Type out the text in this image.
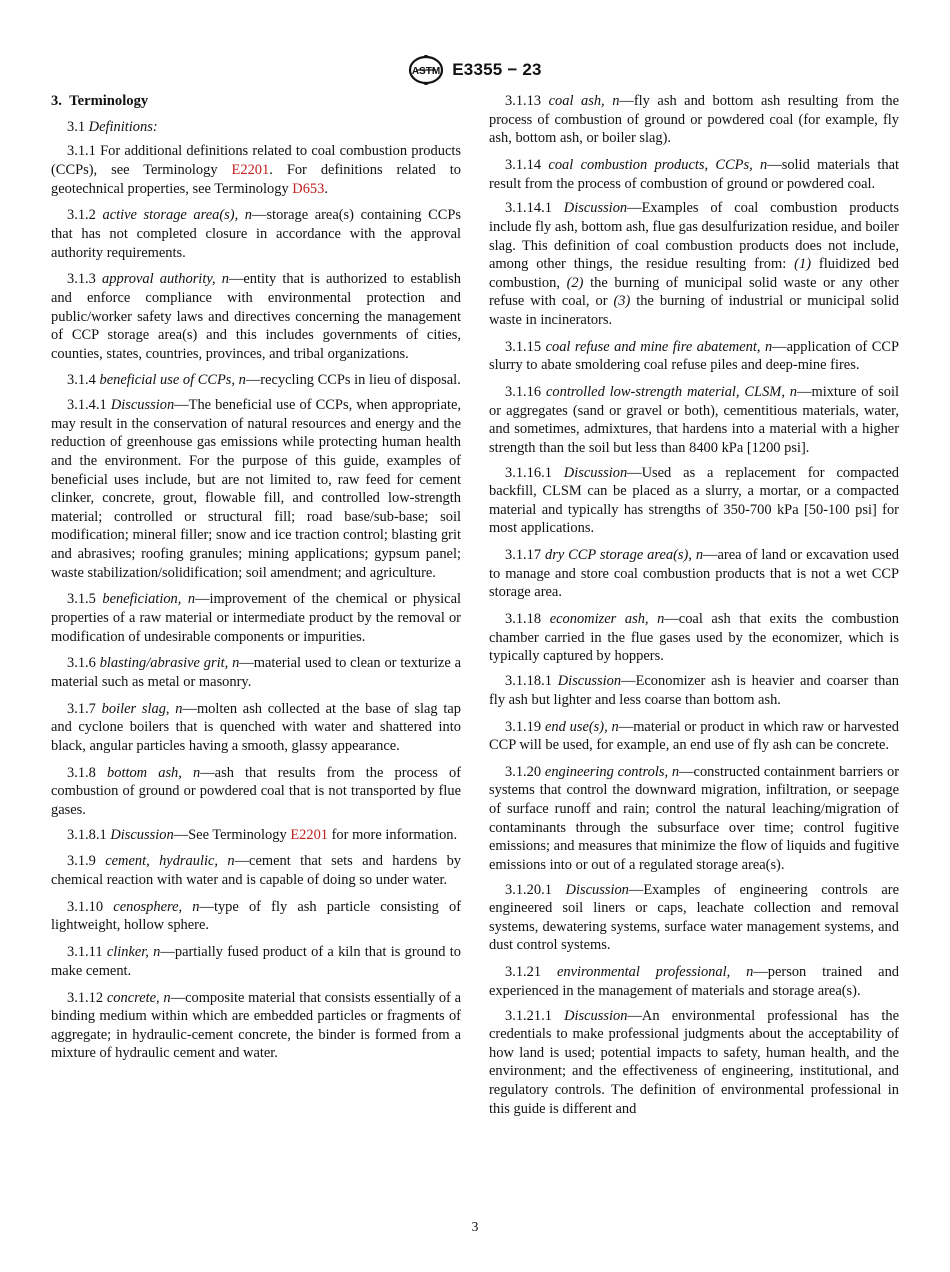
ASTM E3355 − 23
3. Terminology
3.1 Definitions:
3.1.1 For additional definitions related to coal combustion products (CCPs), see Terminology E2201. For definitions related to geotechnical properties, see Terminology D653.
3.1.2 active storage area(s), n—storage area(s) containing CCPs that has not completed closure in accordance with the approval authority requirements.
3.1.3 approval authority, n—entity that is authorized to establish and enforce compliance with environmental protection and public/worker safety laws and directives concerning the management of CCP storage area(s) and this includes governments of cities, counties, states, countries, provinces, and tribal organizations.
3.1.4 beneficial use of CCPs, n—recycling CCPs in lieu of disposal.
3.1.4.1 Discussion—The beneficial use of CCPs, when appropriate, may result in the conservation of natural resources and energy and the reduction of greenhouse gas emissions while protecting human health and the environment. For the purpose of this guide, examples of beneficial uses include, but are not limited to, raw feed for cement clinker, concrete, grout, flowable fill, and controlled low-strength material; controlled or structural fill; road base/sub-base; soil modification; mineral filler; snow and ice traction control; blasting grit and abrasives; roofing granules; mining applications; gypsum panel; waste stabilization/solidification; soil amendment; and agriculture.
3.1.5 beneficiation, n—improvement of the chemical or physical properties of a raw material or intermediate product by the removal or modification of undesirable components or impurities.
3.1.6 blasting/abrasive grit, n—material used to clean or texturize a material such as metal or masonry.
3.1.7 boiler slag, n—molten ash collected at the base of slag tap and cyclone boilers that is quenched with water and shattered into black, angular particles having a smooth, glassy appearance.
3.1.8 bottom ash, n—ash that results from the process of combustion of ground or powdered coal that is not transported by flue gases.
3.1.8.1 Discussion—See Terminology E2201 for more information.
3.1.9 cement, hydraulic, n—cement that sets and hardens by chemical reaction with water and is capable of doing so under water.
3.1.10 cenosphere, n—type of fly ash particle consisting of lightweight, hollow sphere.
3.1.11 clinker, n—partially fused product of a kiln that is ground to make cement.
3.1.12 concrete, n—composite material that consists essentially of a binding medium within which are embedded particles or fragments of aggregate; in hydraulic-cement concrete, the binder is formed from a mixture of hydraulic cement and water.
3.1.13 coal ash, n—fly ash and bottom ash resulting from the process of combustion of ground or powdered coal (for example, fly ash, bottom ash, or boiler slag).
3.1.14 coal combustion products, CCPs, n—solid materials that result from the process of combustion of ground or powdered coal.
3.1.14.1 Discussion—Examples of coal combustion products include fly ash, bottom ash, flue gas desulfurization residue, and boiler slag. This definition of coal combustion products does not include, among other things, the residue resulting from: (1) fluidized bed combustion, (2) the burning of municipal solid waste or any other refuse with coal, or (3) the burning of industrial or municipal solid waste in incinerators.
3.1.15 coal refuse and mine fire abatement, n—application of CCP slurry to abate smoldering coal refuse piles and deep-mine fires.
3.1.16 controlled low-strength material, CLSM, n—mixture of soil or aggregates (sand or gravel or both), cementitious materials, water, and sometimes, admixtures, that hardens into a material with a higher strength than the soil but less than 8400 kPa [1200 psi].
3.1.16.1 Discussion—Used as a replacement for compacted backfill, CLSM can be placed as a slurry, a mortar, or a compacted material and typically has strengths of 350-700 kPa [50-100 psi] for most applications.
3.1.17 dry CCP storage area(s), n—area of land or excavation used to manage and store coal combustion products that is not a wet CCP storage area.
3.1.18 economizer ash, n—coal ash that exits the combustion chamber carried in the flue gases used by the economizer, which is typically captured by hoppers.
3.1.18.1 Discussion—Economizer ash is heavier and coarser than fly ash but lighter and less coarse than bottom ash.
3.1.19 end use(s), n—material or product in which raw or harvested CCP will be used, for example, an end use of fly ash can be concrete.
3.1.20 engineering controls, n—constructed containment barriers or systems that control the downward migration, infiltration, or seepage of surface runoff and rain; control the natural leaching/migration of contaminants through the subsurface over time; control fugitive emissions; and measures that minimize the flow of liquids and fugitive emissions into or out of a regulated storage area(s).
3.1.20.1 Discussion—Examples of engineering controls are engineered soil liners or caps, leachate collection and removal systems, dewatering systems, surface water management systems, and dust control systems.
3.1.21 environmental professional, n—person trained and experienced in the management of materials and storage area(s).
3.1.21.1 Discussion—An environmental professional has the credentials to make professional judgments about the acceptability of how land is used; potential impacts to safety, human health, and the environment; and the effectiveness of engineering, institutional, and regulatory controls. The definition of environmental professional in this guide is different and
3
